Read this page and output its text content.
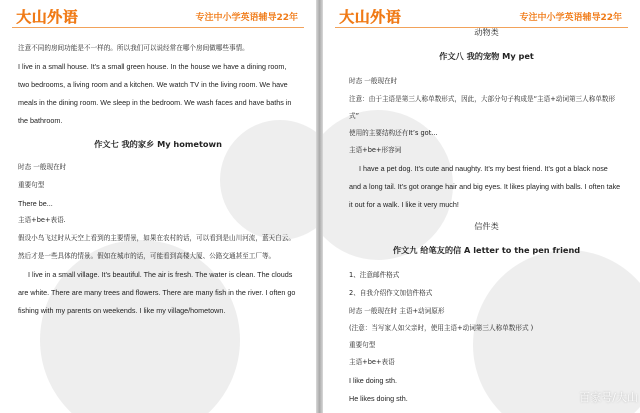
大山外语	专注中小学英语辅导22年
注意不同的房间功能是不一样的。所以我们可以说经常在哪个房间做哪些事情。
I live in a small house. It’s a small green house. In the house we have a dining room,
two bedrooms, a living room and a kitchen. We watch TV in the living room. We have
meals in the dining room. We sleep in the bedroom. We wash faces and have baths in
the bathroom.
作文七 我的家乡 My hometown
时态 一般现在时
重要句型
There be...
主语+be+表语.
假设小鸟飞过时从天空上看到的主要情景，如果在农村的话，可以看到是山川河流，蓝天白云。
然后才是一些具体的情景。假如在城市的话，可能看到高楼大厦、公路交通甚至工厂等。
I live in a small village. It’s beautiful. The air is fresh. The water is clean. The clouds
are white. There are many trees and flowers. There are many fish in the river. I often go
fishing with my parents on weekends. I like my village/hometown.
大山外语	专注中小学英语辅导22年
动物类
作文八 我的宠物 My pet
时态 一般现在时
注意：由于主语是第三人称单数形式，因此，大部分句子构成是“主语+动词第三人称单数形
式”
使用的主要结构还有It’s got...
主语+be+形容词
I have a pet dog. It’s cute and naughty. It’s my best friend. It’s got a black nose
and a long tail. It’s got orange hair and big eyes. It likes playing with balls. I often take
it out for a walk. I like it very much!
信件类
作文九 给笔友的信 A letter to the pen friend
1、注意邮件格式
2、自我介绍作文加信件格式
时态 一般现在时 主语+动词原形
(注意：当写家人如父亲时，使用主语+动词第三人称单数形式 )
重要句型
主语+be+表语
I like doing sth.
He likes doing sth.	百家号/大山
